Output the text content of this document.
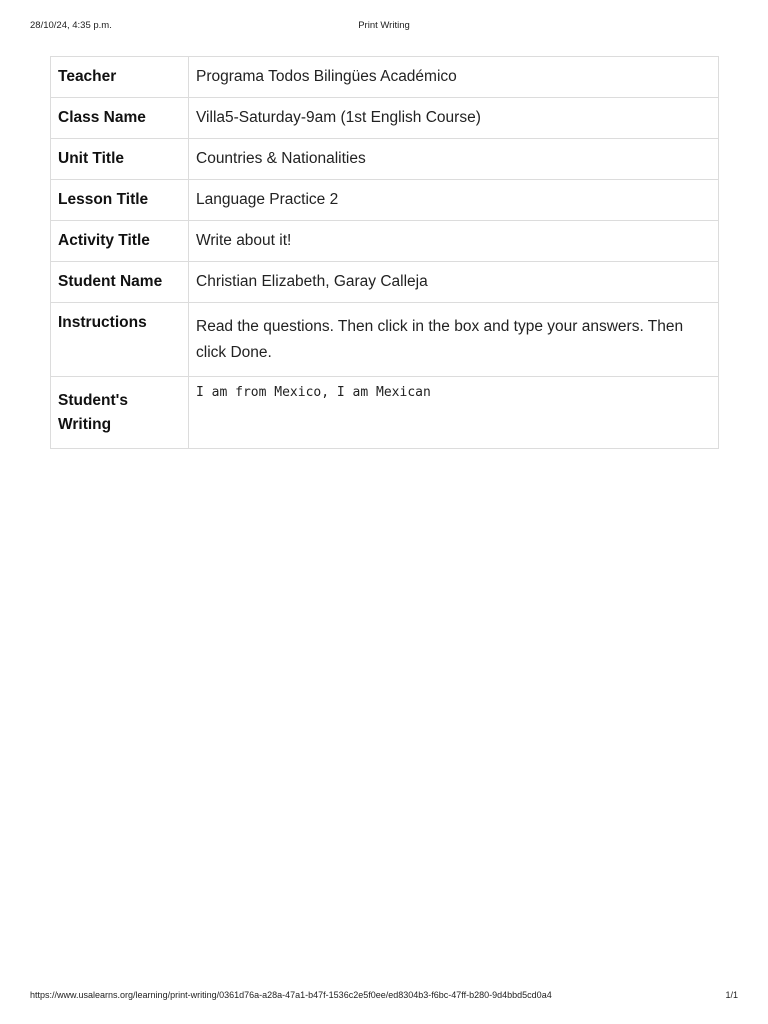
28/10/24, 4:35 p.m.	Print Writing
Teacher	Programa Todos Bilingües Académico
Class Name	Villa5-Saturday-9am (1st English Course)
Unit Title	Countries & Nationalities
Lesson Title	Language Practice 2
Activity Title	Write about it!
Student Name	Christian Elizabeth, Garay Calleja
Instructions	Read the questions. Then click in the box and type your answers. Then click Done.
Student's Writing	I am from Mexico, I am Mexican
https://www.usalearns.org/learning/print-writing/0361d76a-a28a-47a1-b47f-1536c2e5f0ee/ed8304b3-f6bc-47ff-b280-9d4bbd5cd0a4	1/1
